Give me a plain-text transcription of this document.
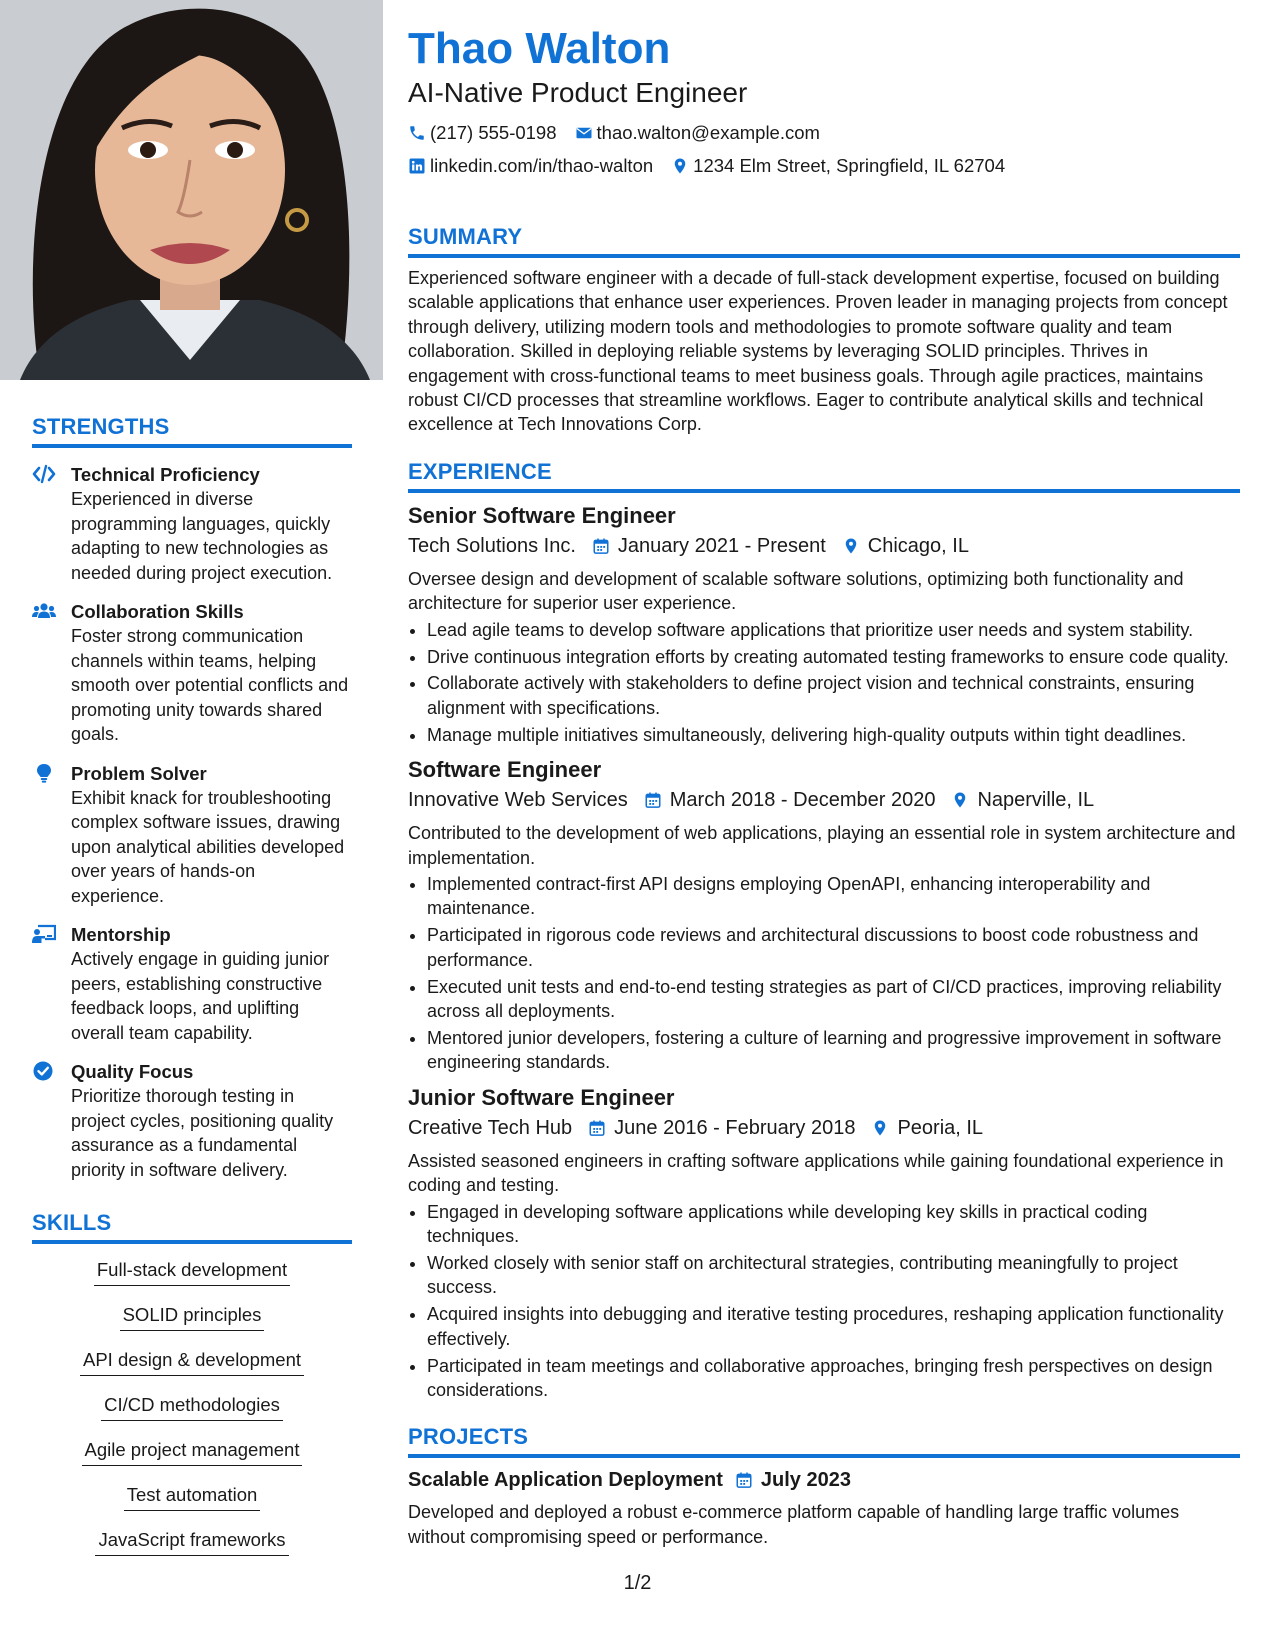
STRENGTHS
Technical Proficiency
Experienced in diverse programming languages, quickly adapting to new technologies as needed during project execution.
Collaboration Skills
Foster strong communication channels within teams, helping smooth over potential conflicts and promoting unity towards shared goals.
Problem Solver
Exhibit knack for troubleshooting complex software issues, drawing upon analytical abilities developed over years of hands-on experience.
Mentorship
Actively engage in guiding junior peers, establishing constructive feedback loops, and uplifting overall team capability.
Quality Focus
Prioritize thorough testing in project cycles, positioning quality assurance as a fundamental priority in software delivery.
SKILLS
Full-stack development
SOLID principles
API design & development
CI/CD methodologies
Agile project management
Test automation
JavaScript frameworks
Thao Walton
AI-Native Product Engineer
(217) 555-0198 thao.walton@example.com
linkedin.com/in/thao-walton 1234 Elm Street, Springfield, IL 62704
SUMMARY
Experienced software engineer with a decade of full-stack development expertise, focused on building scalable applications that enhance user experiences. Proven leader in managing projects from concept through delivery, utilizing modern tools and methodologies to promote software quality and team collaboration. Skilled in deploying reliable systems by leveraging SOLID principles. Thrives in engagement with cross-functional teams to meet business goals. Through agile practices, maintains robust CI/CD processes that streamline workflows. Eager to contribute analytical skills and technical excellence at Tech Innovations Corp.
EXPERIENCE
Senior Software Engineer
Tech Solutions Inc. January 2021 - Present Chicago, IL
Oversee design and development of scalable software solutions, optimizing both functionality and architecture for superior user experience.
• Lead agile teams to develop software applications that prioritize user needs and system stability.
• Drive continuous integration efforts by creating automated testing frameworks to ensure code quality.
• Collaborate actively with stakeholders to define project vision and technical constraints, ensuring alignment with specifications.
• Manage multiple initiatives simultaneously, delivering high-quality outputs within tight deadlines.
Software Engineer
Innovative Web Services March 2018 - December 2020 Naperville, IL
Contributed to the development of web applications, playing an essential role in system architecture and implementation.
• Implemented contract-first API designs employing OpenAPI, enhancing interoperability and maintenance.
• Participated in rigorous code reviews and architectural discussions to boost code robustness and performance.
• Executed unit tests and end-to-end testing strategies as part of CI/CD practices, improving reliability across all deployments.
• Mentored junior developers, fostering a culture of learning and progressive improvement in software engineering standards.
Junior Software Engineer
Creative Tech Hub June 2016 - February 2018 Peoria, IL
Assisted seasoned engineers in crafting software applications while gaining foundational experience in coding and testing.
• Engaged in developing software applications while developing key skills in practical coding techniques.
• Worked closely with senior staff on architectural strategies, contributing meaningfully to project success.
• Acquired insights into debugging and iterative testing procedures, reshaping application functionality effectively.
• Participated in team meetings and collaborative approaches, bringing fresh perspectives on design considerations.
PROJECTS
Scalable Application Deployment July 2023
Developed and deployed a robust e-commerce platform capable of handling large traffic volumes without compromising speed or performance.
1/2
